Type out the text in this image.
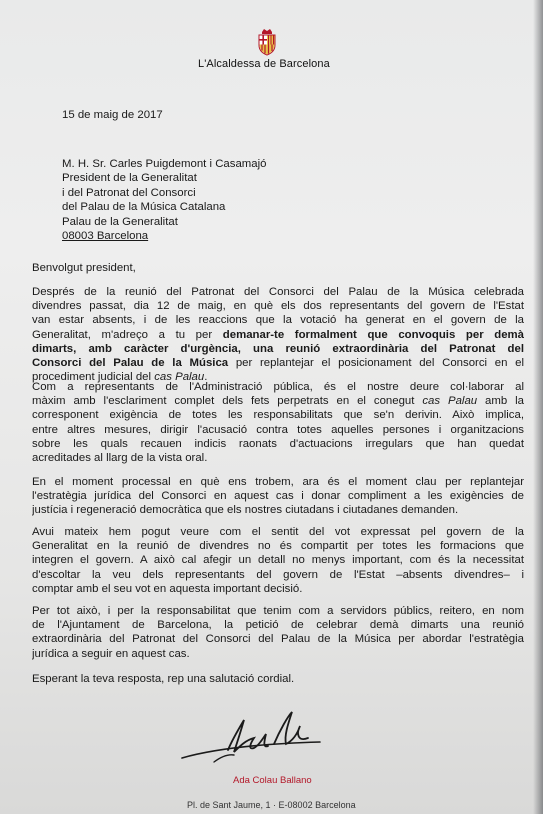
L'Alcaldessa de Barcelona
15 de maig de 2017
M. H. Sr. Carles Puigdemont i Casamajó
President de la Generalitat
i del Patronat del Consorci
del Palau de la Música Catalana
Palau de la Generalitat
08003 Barcelona
Benvolgut president,
Després de la reunió del Patronat del Consorci del Palau de la Música celebrada
divendres passat, dia 12 de maig, en què els dos representants del govern de l'Estat
van estar absents, i de les reaccions que la votació ha generat en el govern de la
Generalitat, m'adreço a tu per demanar-te formalment que convoquis per demà
dimarts, amb caràcter d'urgència, una reunió extraordinària del Patronat del
Consorci del Palau de la Música per replantejar el posicionament del Consorci en el
procediment judicial del cas Palau.
Com a representants de l'Administració pública, és el nostre deure col·laborar al
màxim amb l'esclariment complet dels fets perpetrats en el conegut cas Palau amb la
corresponent exigència de totes les responsabilitats que se'n derivin. Això implica,
entre altres mesures, dirigir l'acusació contra totes aquelles persones i organitzacions
sobre les quals recauen indicis raonats d'actuacions irregulars que han quedat
acreditades al llarg de la vista oral.
En el moment processal en què ens trobem, ara és el moment clau per replantejar
l'estratègia jurídica del Consorci en aquest cas i donar compliment a les exigències de
justícia i regeneració democràtica que els nostres ciutadans i ciutadanes demanden.
Avui mateix hem pogut veure com el sentit del vot expressat pel govern de la
Generalitat en la reunió de divendres no és compartit per totes les formacions que
integren el govern. A això cal afegir un detall no menys important, com és la necessitat
d'escoltar la veu dels representants del govern de l'Estat –absents divendres– i
comptar amb el seu vot en aquesta important decisió.
Per tot això, i per la responsabilitat que tenim com a servidors públics, reitero, en nom
de l'Ajuntament de Barcelona, la petició de celebrar demà dimarts una reunió
extraordinària del Patronat del Consorci del Palau de la Música per abordar l'estratègia
jurídica a seguir en aquest cas.
Esperant la teva resposta, rep una salutació cordial.
Ada Colau Ballano
Pl. de Sant Jaume, 1 · E-08002 Barcelona
